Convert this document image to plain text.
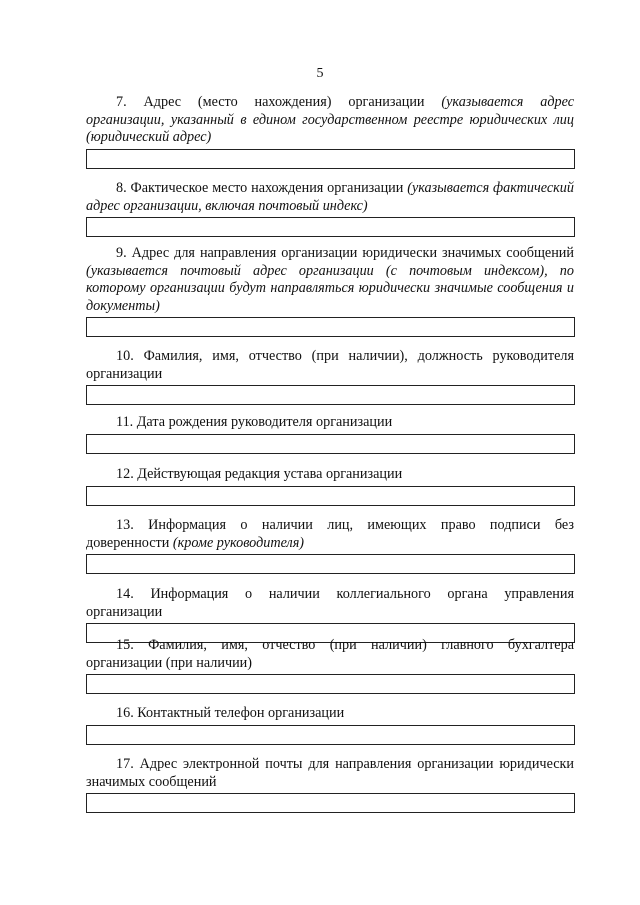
5

7. Адрес (место нахождения) организации (указывается адрес организации, указанный в едином государственном реестре юридических лиц (юридический адрес)

8. Фактическое место нахождения организации (указывается фактический адрес организации, включая почтовый индекс)

9. Адрес для направления организации юридически значимых сообщений (указывается почтовый адрес организации (с почтовым индексом), по которому организации будут направляться юридически значимые сообщения и документы)

10. Фамилия, имя, отчество (при наличии), должность руководителя организации

11. Дата рождения руководителя организации

12. Действующая редакция устава организации

13. Информация о наличии лиц, имеющих право подписи без доверенности (кроме руководителя)

14. Информация о наличии коллегиального органа управления организации

15. Фамилия, имя, отчество (при наличии) главного бухгалтера организации (при наличии)

16. Контактный телефон организации

17. Адрес электронной почты для направления организации юридически значимых сообщений
